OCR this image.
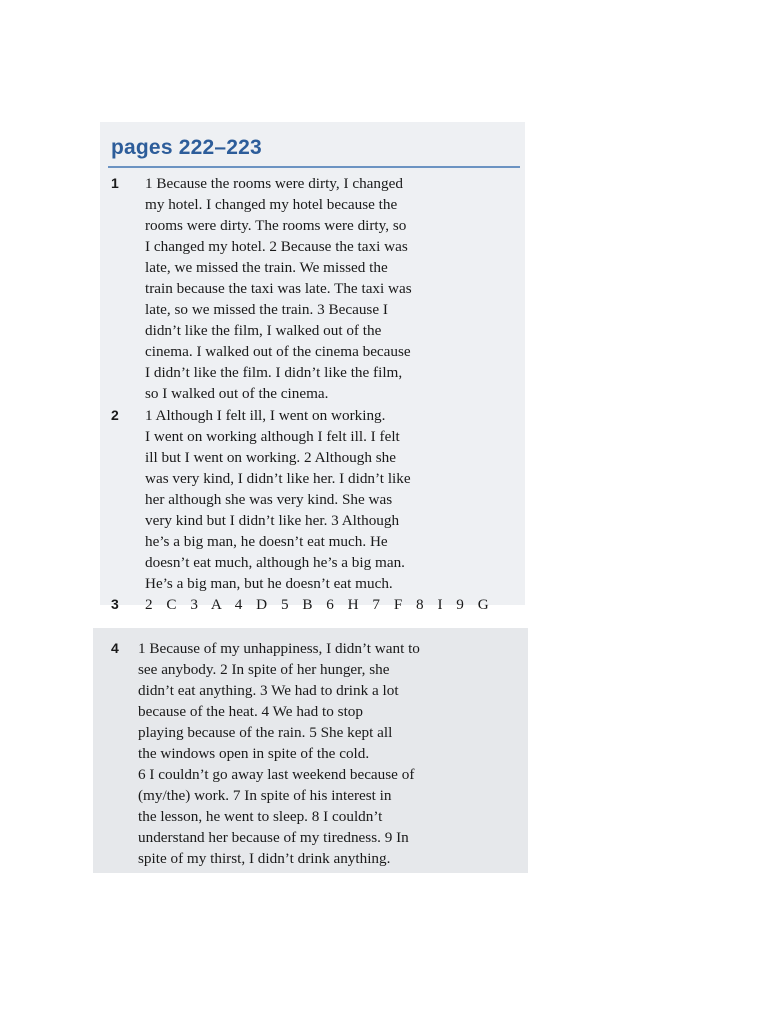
pages 222–223
1 1 Because the rooms were dirty, I changed
my hotel. I changed my hotel because the
rooms were dirty. The rooms were dirty, so
I changed my hotel. 2 Because the taxi was
late, we missed the train. We missed the
train because the taxi was late. The taxi was
late, so we missed the train. 3 Because I
didn’t like the film, I walked out of the
cinema. I walked out of the cinema because
I didn’t like the film. I didn’t like the film,
so I walked out of the cinema.
2 1 Although I felt ill, I went on working.
I went on working although I felt ill. I felt
ill but I went on working. 2 Although she
was very kind, I didn’t like her. I didn’t like
her although she was very kind. She was
very kind but I didn’t like her. 3 Although
he’s a big man, he doesn’t eat much. He
doesn’t eat much, although he’s a big man.
He’s a big man, but he doesn’t eat much.
3 2 C 3 A 4 D 5 B 6 H 7 F 8 I 9 G
4 1 Because of my unhappiness, I didn’t want to
see anybody. 2 In spite of her hunger, she
didn’t eat anything. 3 We had to drink a lot
because of the heat. 4 We had to stop
playing because of the rain. 5 She kept all
the windows open in spite of the cold.
6 I couldn’t go away last weekend because of
(my/the) work. 7 In spite of his interest in
the lesson, he went to sleep. 8 I couldn’t
understand her because of my tiredness. 9 In
spite of my thirst, I didn’t drink anything.
